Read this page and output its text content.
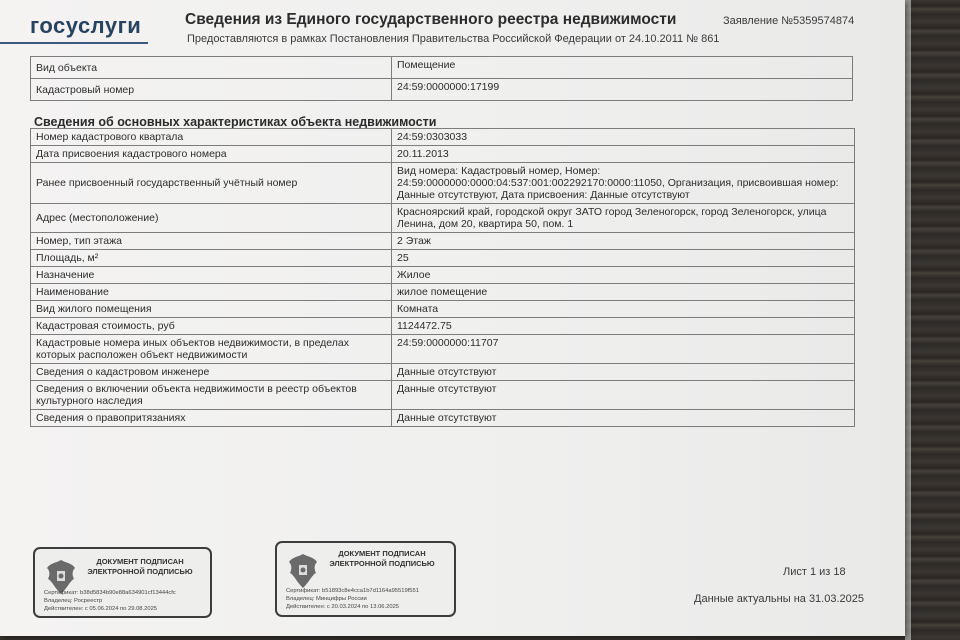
госуслуги	Сведения из Единого государственного реестра недвижимости
Предоставляются в рамках Постановления Правительства Российской Федерации от 24.10.2011 № 861
Заявление №5359574874
Вид объекта	Помещение
Кадастровый номер	24:59:0000000:17199
Сведения об основных характеристиках объекта недвижимости
Номер кадастрового квартала	24:59:0303033
Дата присвоения кадастрового номера	20.11.2013
Ранее присвоенный государственный учётный номер	Вид номера: Кадастровый номер, Номер: 24:59:0000000:0000:04:537:001:002292170:0000:11050, Организация, присвоившая номер: Данные отсутствуют, Дата присвоения: Данные отсутствуют
Адрес (местоположение)	Красноярский край, городской округ ЗАТО город Зеленогорск, город Зеленогорск, улица Ленина, дом 20, квартира 50, пом. 1
Номер, тип этажа	2 Этаж
Площадь, м²	25
Назначение	Жилое
Наименование	жилое помещение
Вид жилого помещения	Комната
Кадастровая стоимость, руб	1124472.75
Кадастровые номера иных объектов недвижимости, в пределах которых расположен объект недвижимости	24:59:0000000:11707
Сведения о кадастровом инженере	Данные отсутствуют
Сведения о включении объекта недвижимости в реестр объектов культурного наследия	Данные отсутствуют
Сведения о правопритязаниях	Данные отсутствуют
ДОКУМЕНТ ПОДПИСАН ЭЛЕКТРОННОЙ ПОДПИСЬЮ
Сертификат: b38d5834b90e88a634901cf13444cfc
Владелец: Росреестр
Действителен: с 05.06.2024 по 29.08.2025
ДОКУМЕНТ ПОДПИСАН ЭЛЕКТРОННОЙ ПОДПИСЬЮ
Сертификат: b51893c8e4cca1b7d1164a95519f551
Владелец: Минцифры России
Действителен: с 20.03.2024 по 13.06.2025
Лист 1 из 18
Данные актуальны на 31.03.2025
